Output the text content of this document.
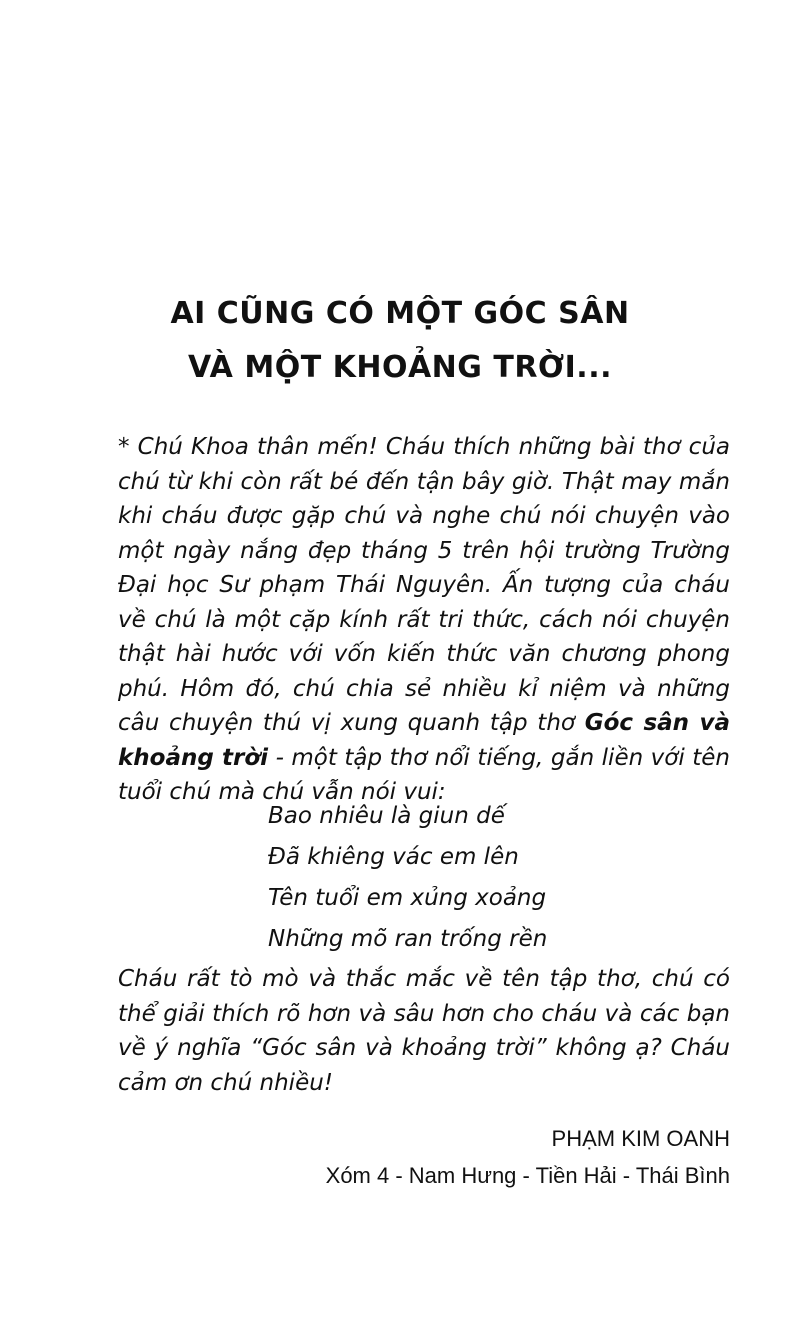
AI CŨNG CÓ MỘT GÓC SÂN
VÀ MỘT KHOẢNG TRỜI...
* Chú Khoa thân mến! Cháu thích những bài thơ của chú từ khi còn rất bé đến tận bây giờ. Thật may mắn khi cháu được gặp chú và nghe chú nói chuyện vào một ngày nắng đẹp tháng 5 trên hội trường Trường Đại học Sư phạm Thái Nguyên. Ấn tượng của cháu về chú là một cặp kính rất tri thức, cách nói chuyện thật hài hước với vốn kiến thức văn chương phong phú. Hôm đó, chú chia sẻ nhiều kỉ niệm và những câu chuyện thú vị xung quanh tập thơ Góc sân và khoảng trời - một tập thơ nổi tiếng, gắn liền với tên tuổi chú mà chú vẫn nói vui:
Bao nhiêu là giun dế
Đã khiêng vác em lên
Tên tuổi em xủng xoảng
Những mõ ran trống rền
Cháu rất tò mò và thắc mắc về tên tập thơ, chú có thể giải thích rõ hơn và sâu hơn cho cháu và các bạn về ý nghĩa “Góc sân và khoảng trời” không ạ? Cháu cảm ơn chú nhiều!
PHẠM KIM OANH
Xóm 4 - Nam Hưng - Tiền Hải - Thái Bình
